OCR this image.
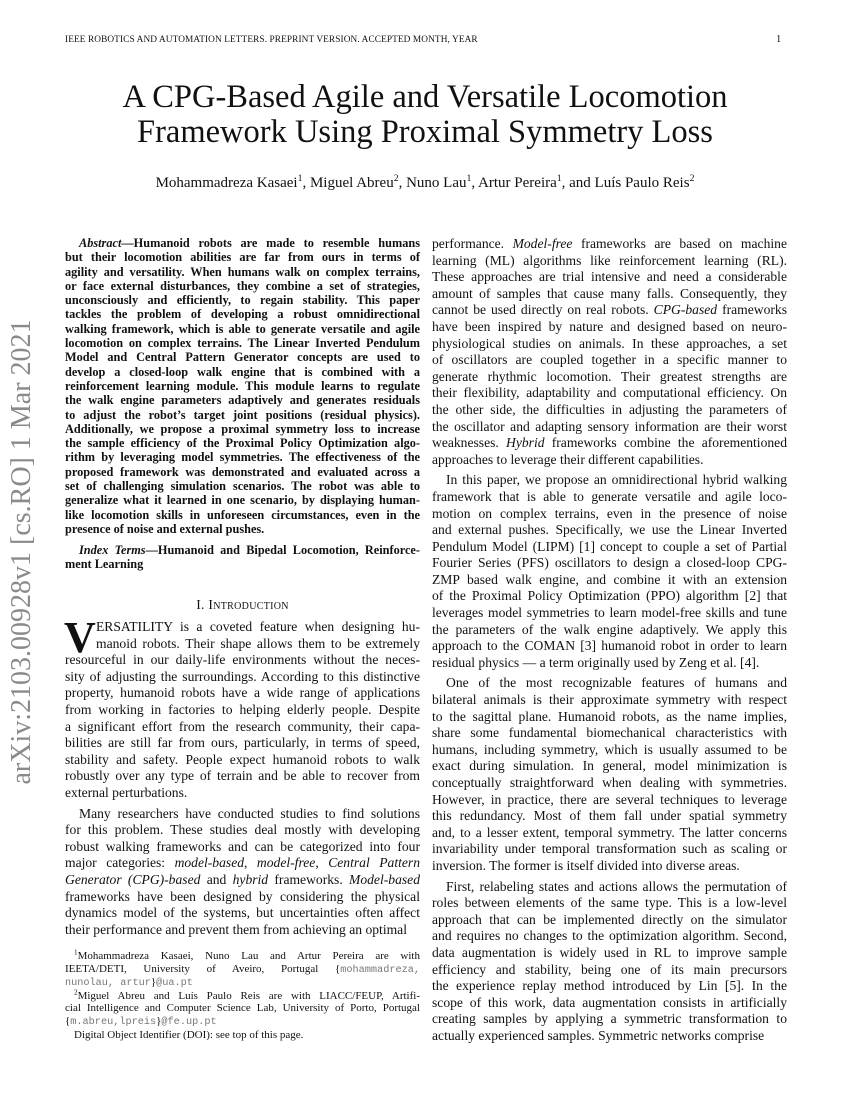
IEEE ROBOTICS AND AUTOMATION LETTERS. PREPRINT VERSION. ACCEPTED MONTH, YEAR	1
arXiv:2103.00928v1 [cs.RO] 1 Mar 2021
A CPG-Based Agile and Versatile Locomotion
Framework Using Proximal Symmetry Loss
Mohammadreza Kasaei$^1$, Miguel Abreu$^2$, Nuno Lau$^1$, Artur Pereira$^1$, and Luís Paulo Reis$^2$
Abstract—Humanoid robots are made to resemble humans
but their locomotion abilities are far from ours in terms of
agility and versatility. When humans walk on complex terrains,
or face external disturbances, they combine a set of strategies,
unconsciously and efficiently, to regain stability. This paper
tackles the problem of developing a robust omnidirectional
walking framework, which is able to generate versatile and agile
locomotion on complex terrains. The Linear Inverted Pendulum
Model and Central Pattern Generator concepts are used to
develop a closed-loop walk engine that is combined with a
reinforcement learning module. This module learns to regulate
the walk engine parameters adaptively and generates residuals
to adjust the robot’s target joint positions (residual physics).
Additionally, we propose a proximal symmetry loss to increase
the sample efficiency of the Proximal Policy Optimization algo-
rithm by leveraging model symmetries. The effectiveness of the
proposed framework was demonstrated and evaluated across a
set of challenging simulation scenarios. The robot was able to
generalize what it learned in one scenario, by displaying human-
like locomotion skills in unforeseen circumstances, even in the
presence of noise and external pushes.
Index Terms—Humanoid and Bipedal Locomotion, Reinforce-
ment Learning
I. Introduction
V ERSATILITY is a coveted feature when designing hu-
manoid robots. Their shape allows them to be extremely
resourceful in our daily-life environments without the neces-
sity of adjusting the surroundings. According to this distinctive
property, humanoid robots have a wide range of applications
from working in factories to helping elderly people. Despite
a significant effort from the research community, their capa-
bilities are still far from ours, particularly, in terms of speed,
stability and safety. People expect humanoid robots to walk
robustly over any type of terrain and be able to recover from
external perturbations.
Many researchers have conducted studies to find solutions
for this problem. These studies deal mostly with developing
robust walking frameworks and can be categorized into four
major categories: model-based, model-free, Central Pattern
Generator (CPG)-based and hybrid frameworks. Model-based
frameworks have been designed by considering the physical
dynamics model of the systems, but uncertainties often affect
their performance and prevent them from achieving an optimal
$^1$Mohammadreza Kasaei, Nuno Lau and Artur Pereira are with
IEETA/DETI, University of Aveiro, Portugal {mohammadreza,
nunolau, artur}@ua.pt
$^2$Miguel Abreu and Luís Paulo Reis are with LIACC/FEUP, Artifi-
cial Intelligence and Computer Science Lab, University of Porto, Portugal
{m.abreu,lpreis}@fe.up.pt
Digital Object Identifier (DOI): see top of this page.
performance. Model-free frameworks are based on machine
learning (ML) algorithms like reinforcement learning (RL).
These approaches are trial intensive and need a considerable
amount of samples that cause many falls. Consequently, they
cannot be used directly on real robots. CPG-based frameworks
have been inspired by nature and designed based on neuro-
physiological studies on animals. In these approaches, a set
of oscillators are coupled together in a specific manner to
generate rhythmic locomotion. Their greatest strengths are
their flexibility, adaptability and computational efficiency. On
the other side, the difficulties in adjusting the parameters of
the oscillator and adapting sensory information are their worst
weaknesses. Hybrid frameworks combine the aforementioned
approaches to leverage their different capabilities.
In this paper, we propose an omnidirectional hybrid walking
framework that is able to generate versatile and agile loco-
motion on complex terrains, even in the presence of noise
and external pushes. Specifically, we use the Linear Inverted
Pendulum Model (LIPM) [1] concept to couple a set of Partial
Fourier Series (PFS) oscillators to design a closed-loop CPG-
ZMP based walk engine, and combine it with an extension
of the Proximal Policy Optimization (PPO) algorithm [2] that
leverages model symmetries to learn model-free skills and tune
the parameters of the walk engine adaptively. We apply this
approach to the COMAN [3] humanoid robot in order to learn
residual physics — a term originally used by Zeng et al. [4].
One of the most recognizable features of humans and
bilateral animals is their approximate symmetry with respect
to the sagittal plane. Humanoid robots, as the name implies,
share some fundamental biomechanical characteristics with
humans, including symmetry, which is usually assumed to be
exact during simulation. In general, model minimization is
conceptually straightforward when dealing with symmetries.
However, in practice, there are several techniques to leverage
this redundancy. Most of them fall under spatial symmetry
and, to a lesser extent, temporal symmetry. The latter concerns
invariability under temporal transformation such as scaling or
inversion. The former is itself divided into diverse areas.
First, relabeling states and actions allows the permutation of
roles between elements of the same type. This is a low-level
approach that can be implemented directly on the simulator
and requires no changes to the optimization algorithm. Second,
data augmentation is widely used in RL to improve sample
efficiency and stability, being one of its main precursors
the experience replay method introduced by Lin [5]. In the
scope of this work, data augmentation consists in artificially
creating samples by applying a symmetric transformation to
actually experienced samples. Symmetric networks comprise
